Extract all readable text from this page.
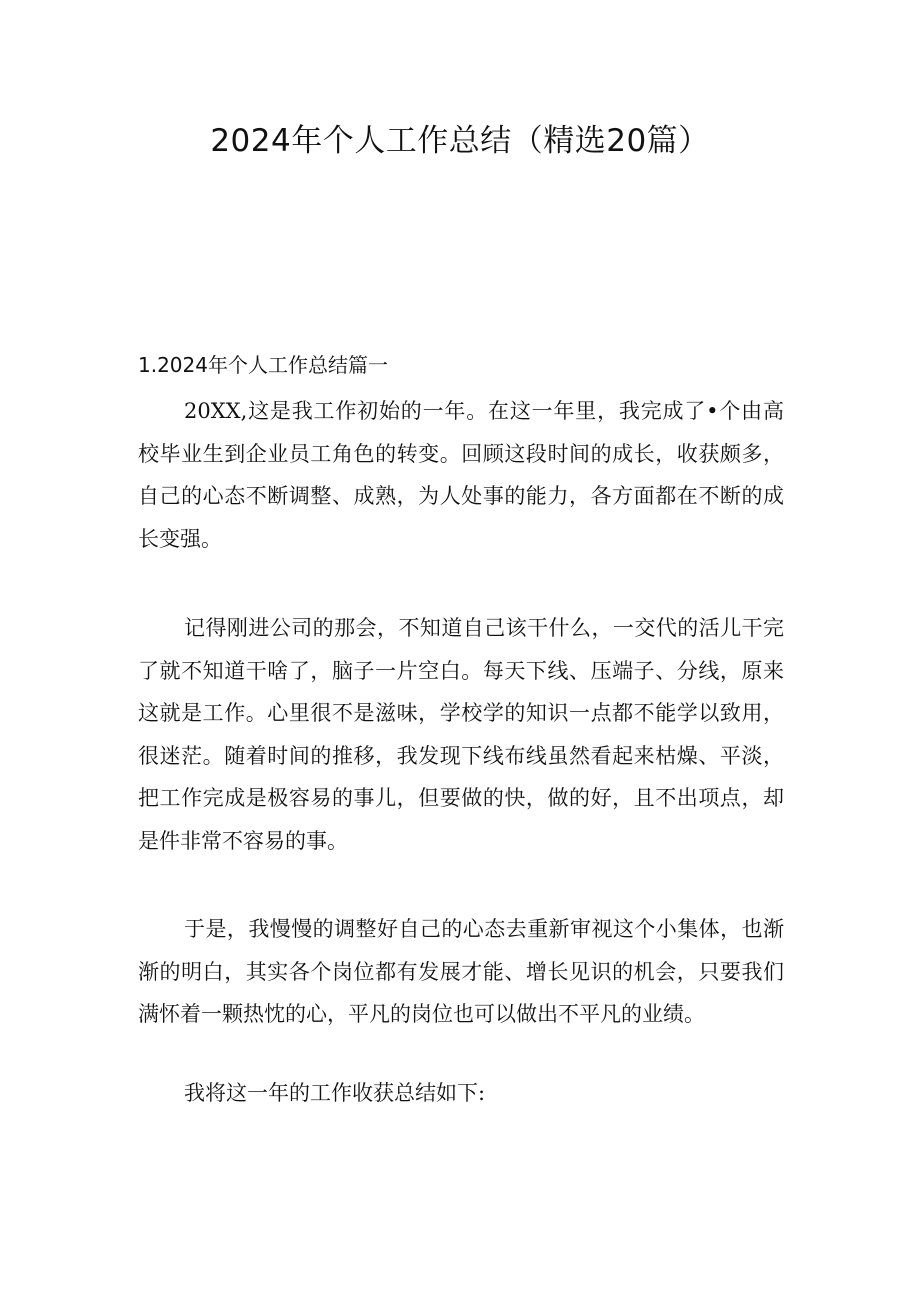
2024年个人工作总结（精选20篇）
1.2024年个人工作总结篇一

20XX,这是我工作初始的一年。在这一年里，我完成了•个由高校毕业生到企业员工角色的转变。回顾这段时间的成长，收获颇多，自己的心态不断调整、成熟，为人处事的能力，各方面都在不断的成长变强。

记得刚进公司的那会，不知道自己该干什么，一交代的活儿干完了就不知道干啥了，脑子一片空白。每天下线、压端子、分线，原来这就是工作。心里很不是滋味，学校学的知识一点都不能学以致用，很迷茫。随着时间的推移，我发现下线布线虽然看起来枯燥、平淡，把工作完成是极容易的事儿，但要做的快，做的好，且不出项点，却是件非常不容易的事。

于是，我慢慢的调整好自己的心态去重新审视这个小集体，也渐渐的明白，其实各个岗位都有发展才能、增长见识的机会，只要我们满怀着一颗热忱的心，平凡的岗位也可以做出不平凡的业绩。

我将这一年的工作收获总结如下:
